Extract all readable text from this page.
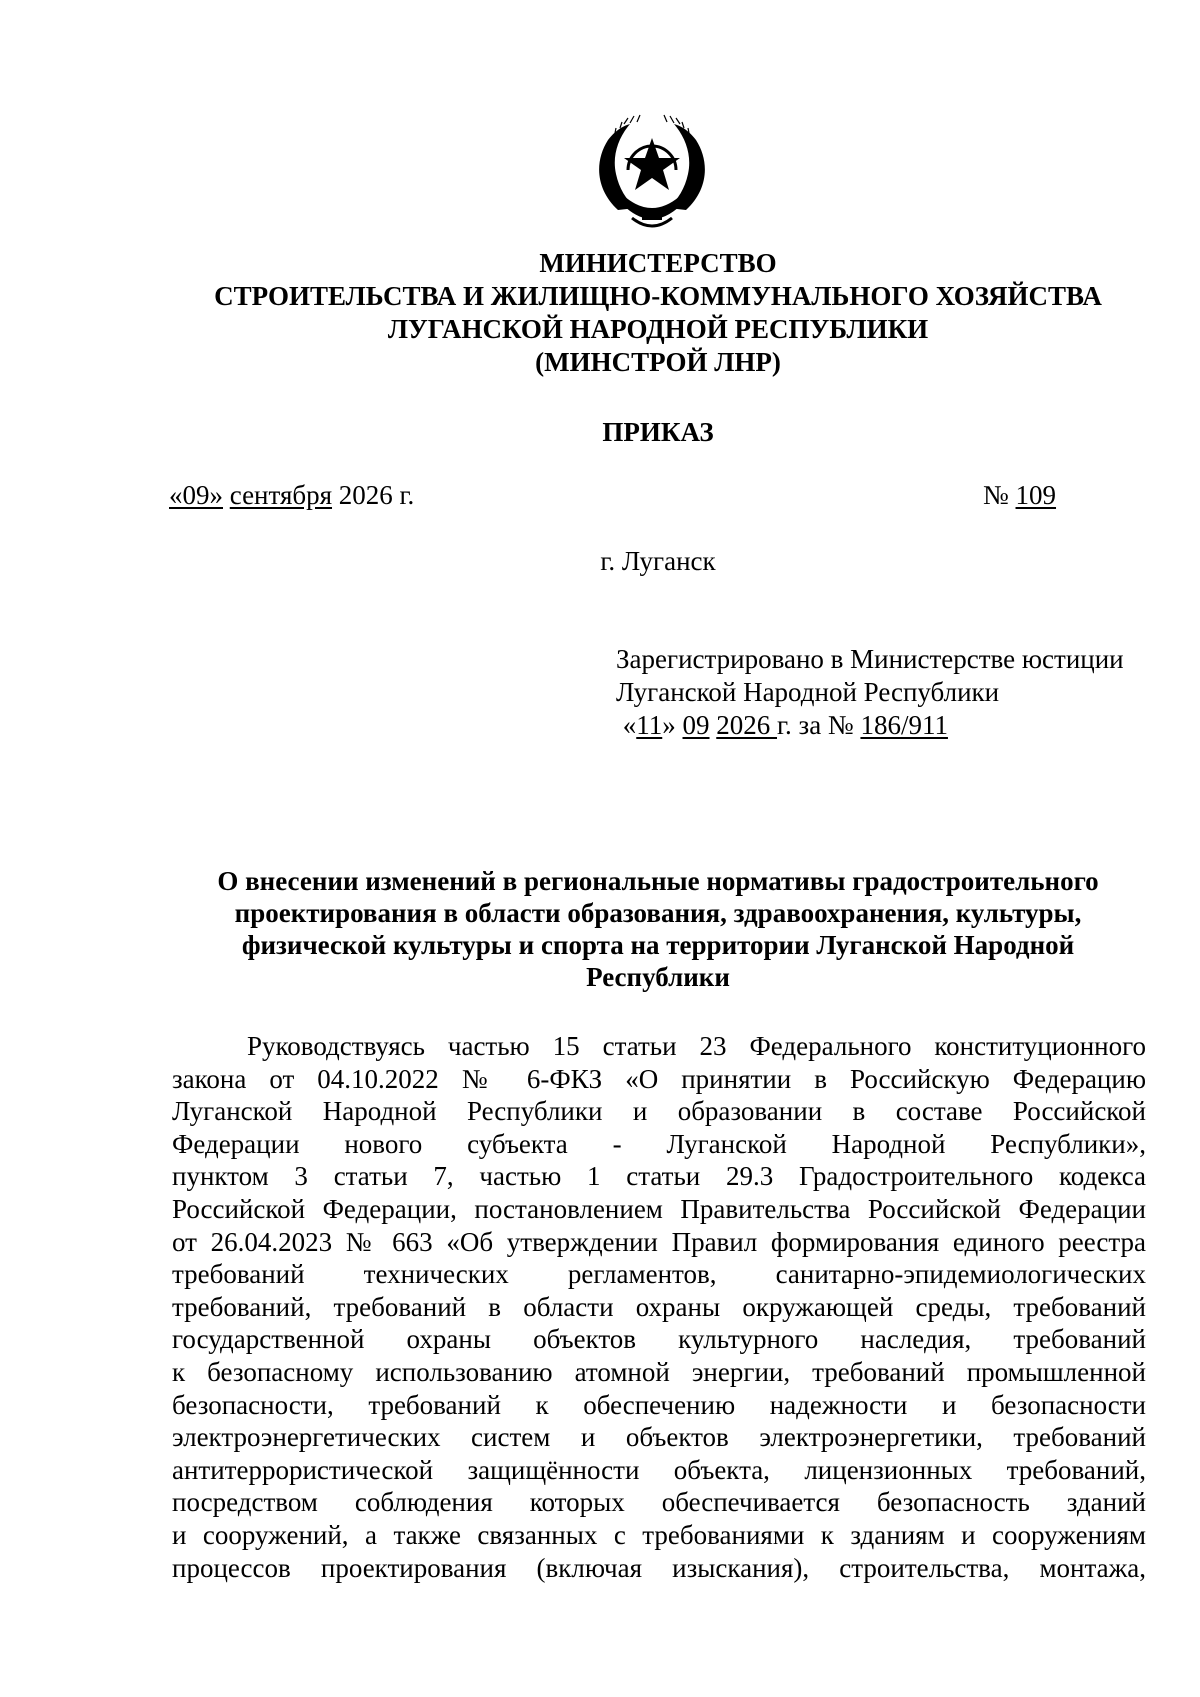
МИНИСТЕРСТВО
СТРОИТЕЛЬСТВА И ЖИЛИЩНО-КОММУНАЛЬНОГО ХОЗЯЙСТВА
ЛУГАНСКОЙ НАРОДНОЙ РЕСПУБЛИКИ
(МИНСТРОЙ ЛНР)
ПРИКАЗ
«09» сентября 2026 г.	№ 109
г. Луганск
Зарегистрировано в Министерстве юстиции
Луганской Народной Республики
«11» 09 2026 г. за № 186/911
О внесении изменений в региональные нормативы градостроительного
проектирования в области образования, здравоохранения, культуры,
физической культуры и спорта на территории Луганской Народной
Республики
Руководствуясь частью 15 статьи 23 Федерального конституционного
закона от 04.10.2022 № 6-ФКЗ «О принятии в Российскую Федерацию
Луганской Народной Республики и образовании в составе Российской
Федерации нового субъекта - Луганской Народной Республики»,
пунктом 3 статьи 7, частью 1 статьи 29.3 Градостроительного кодекса
Российской Федерации, постановлением Правительства Российской Федерации
от 26.04.2023 № 663 «Об утверждении Правил формирования единого реестра
требований технических регламентов, санитарно-эпидемиологических
требований, требований в области охраны окружающей среды, требований
государственной охраны объектов культурного наследия, требований
к безопасному использованию атомной энергии, требований промышленной
безопасности, требований к обеспечению надежности и безопасности
электроэнергетических систем и объектов электроэнергетики, требований
антитеррористической защищённости объекта, лицензионных требований,
посредством соблюдения которых обеспечивается безопасность зданий
и сооружений, а также связанных с требованиями к зданиям и сооружениям
процессов проектирования (включая изыскания), строительства, монтажа,
